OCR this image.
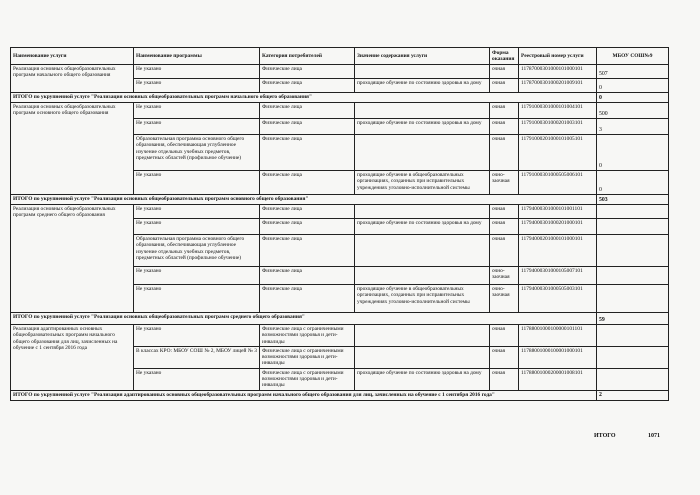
Наименование услуги	Наименование программы	Категория потребителей	Значение содержания услуги	Форма оказания	Реестровый номер услуги	МБОУ СОШ№9
Реализация основных общеобразовательных программ начального общего образования	Не указано	Физические лица		очная	11787000301000101000101	507
	Не указано	Физические лица	проходящие обучение по состоянию здоровья на дому	очная	11787000301000201009101	0
ИТОГО по укрупненной услуге "Реализация основных общеобразовательных программ начального общего образования"						0
Реализация основных общеобразовательных программ основного общего образования	Не указано	Физические лица		очная	11791000301000101004101	500
	Не указано	Физические лица	проходящие обучение по состоянию здоровья на дому	очная	11791000301000201003101	3
	Образовательная программа основного общего образования, обеспечивающая углубленное изучение отдельных учебных предметов, предметных областей (профильное обучение)	Физические лица		очная	11791000201000101005101	0
	Не указано	Физические лица	проходящие обучение в общеобразовательных организациях, созданных при исправительных учреждениях уголовно-исполнительной системы	очно-заочная	11791000301000505006101	0
ИТОГО по укрупненной услуге "Реализация основных общеобразовательных программ основного общего образования"						503
Реализация основных общеобразовательных программ среднего общего образования	Не указано	Физические лица		очная	11794000301000101001101	
	Не указано	Физические лица	проходящие обучение по состоянию здоровья на дому	очная	11794000301000201000101	
	Образовательная программа основного общего образования, обеспечивающая углубленное изучение отдельных учебных предметов, предметных областей (профильное обучение)	Физические лица		очная	11794000201000101000101	
	Не указано	Физические лица		очно-заочная	11794000301000105007101	
	Не указано	Физические лица	проходящие обучение в общеобразовательных организациях, созданных при исправительных учреждениях уголовно-исполнительной системы	очно-заочная	11794000301000505003101	
ИТОГО по укрупненной услуге "Реализация основных общеобразовательных программ среднего общего образования"						59
Реализация адаптированных основных общеобразовательных программ начального общего образования для лиц, зачисленных на обучение с 1 сентября 2016 года	Не указано	Физические лица с ограниченными возможностями здоровья и дети-инвалиды		очная	11788001000100000101101	
	В классах КРО: МБОУ СОШ № 2, МБОУ лицей № 3	Физические лица с ограниченными возможностями здоровья и дети-инвалиды		очная	11788001000100001000101	
	Не указано	Физические лица с ограниченными возможностями здоровья и дети-инвалиды	проходящие обучение по состоянию здоровья на дому	очная	11788001000200001008101	
ИТОГО по укрупненной услуге "Реализация адаптированных основных общеобразовательных программ начального общего образования для лиц, зачисленных на обучение с 1 сентября 2016 года"						2
ИТОГО	1071
